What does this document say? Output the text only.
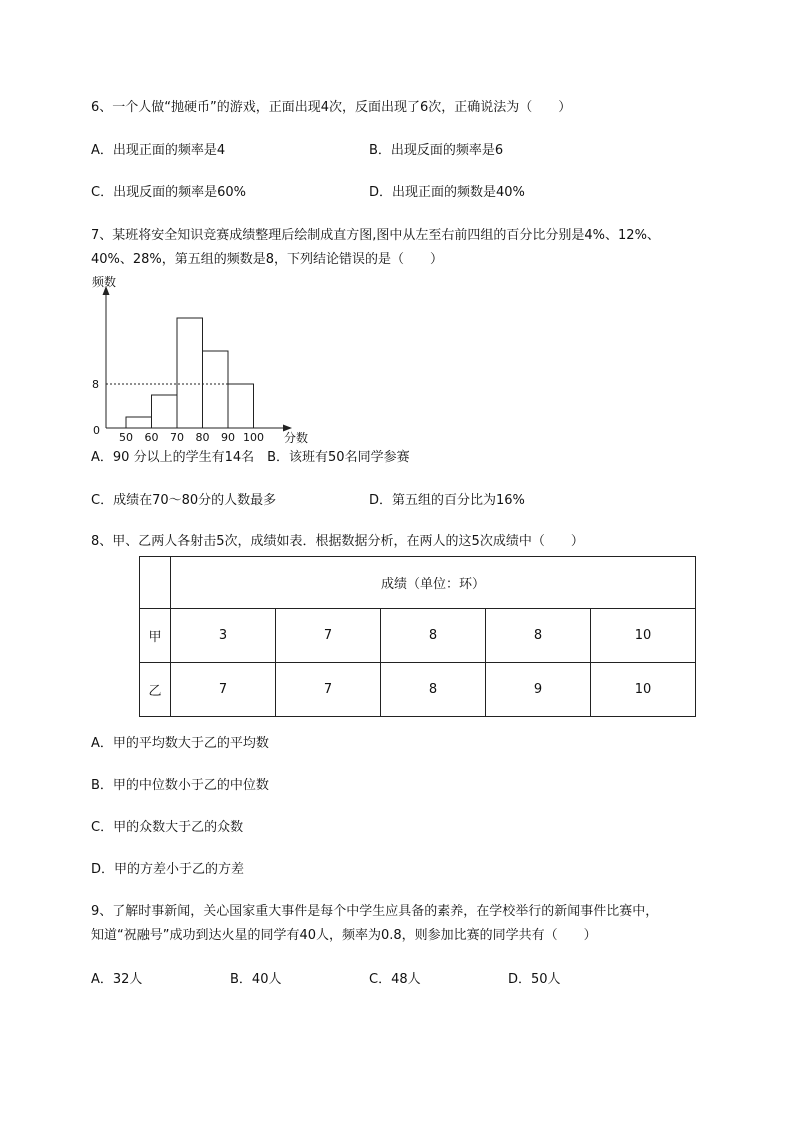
6、一个人做“抛硬币”的游戏，正面出现4次，反面出现了6次，正确说法为（　　）
A．出现正面的频率是4	B．出现反面的频率是6
C．出现反面的频率是60%	D．出现正面的频数是40%
7、某班将安全知识竞赛成绩整理后绘制成直方图,图中从左至右前四组的百分比分别是4%、12%、
40%、28%，第五组的频数是8，下列结论错误的是（　　）
频数
分数
0
8
50 60 70 80 90 100
A．90 分以上的学生有14名　B．该班有50名同学参赛
C．成绩在70～80分的人数最多	D．第五组的百分比为16%
8、甲、乙两人各射击5次，成绩如表．根据数据分析，在两人的这5次成绩中（　　）
	成绩（单位：环）				
甲	3	7	8	8	10
乙	7	7	8	9	10
A．甲的平均数大于乙的平均数
B．甲的中位数小于乙的中位数
C．甲的众数大于乙的众数
D．甲的方差小于乙的方差
9、了解时事新闻，关心国家重大事件是每个中学生应具备的素养，在学校举行的新闻事件比赛中，
知道“祝融号”成功到达火星的同学有40人，频率为0.8，则参加比赛的同学共有（　　）
A．32人	B．40人	C．48人	D．50人
